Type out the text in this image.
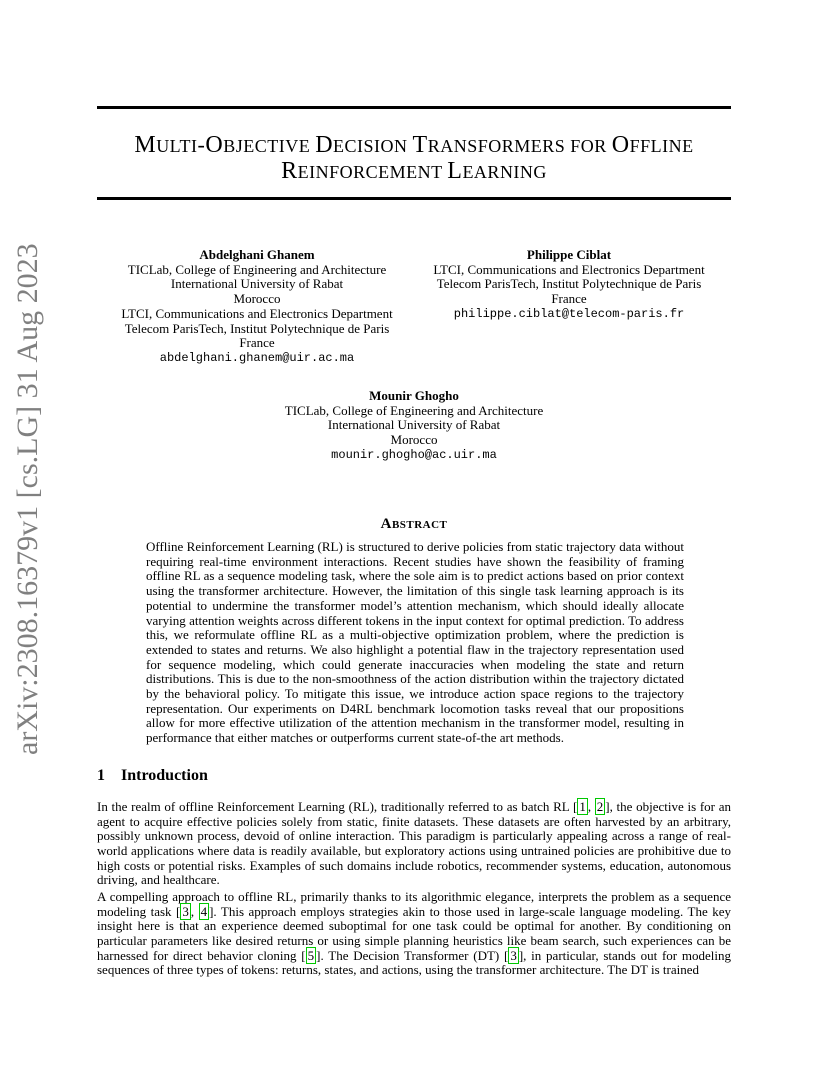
arXiv:2308.16379v1 [cs.LG] 31 Aug 2023
MULTI-OBJECTIVE DECISION TRANSFORMERS FOR OFFLINE
REINFORCEMENT LEARNING
Abdelghani Ghanem
TICLab, College of Engineering and Architecture
International University of Rabat
Morocco
LTCI, Communications and Electronics Department
Telecom ParisTech, Institut Polytechnique de Paris
France
abdelghani.ghanem@uir.ac.ma
Philippe Ciblat
LTCI, Communications and Electronics Department
Telecom ParisTech, Institut Polytechnique de Paris
France
philippe.ciblat@telecom-paris.fr
Mounir Ghogho
TICLab, College of Engineering and Architecture
International University of Rabat
Morocco
mounir.ghogho@ac.uir.ma
ABSTRACT
Offline Reinforcement Learning (RL) is structured to derive policies from static trajectory data without requiring real-time environment interactions. Recent studies have shown the feasibility of framing offline RL as a sequence modeling task, where the sole aim is to predict actions based on prior context using the transformer architecture. However, the limitation of this single task learning approach is its potential to undermine the transformer model’s attention mechanism, which should ideally allocate varying attention weights across different tokens in the input context for optimal prediction. To address this, we reformulate offline RL as a multi-objective optimization problem, where the prediction is extended to states and returns. We also highlight a potential flaw in the trajectory representation used for sequence modeling, which could generate inaccuracies when modeling the state and return distributions. This is due to the non-smoothness of the action distribution within the trajectory dictated by the behavioral policy. To mitigate this issue, we introduce action space regions to the trajectory representation. Our experiments on D4RL benchmark locomotion tasks reveal that our propositions allow for more effective utilization of the attention mechanism in the transformer model, resulting in performance that either matches or outperforms current state-of-the art methods.
1 Introduction
In the realm of offline Reinforcement Learning (RL), traditionally referred to as batch RL [ 1 , 2 ], the objective is for an agent to acquire effective policies solely from static, finite datasets. These datasets are often harvested by an arbitrary, possibly unknown process, devoid of online interaction. This paradigm is particularly appealing across a range of real-world applications where data is readily available, but exploratory actions using untrained policies are prohibitive due to high costs or potential risks. Examples of such domains include robotics, recommender systems, education, autonomous driving, and healthcare.
A compelling approach to offline RL, primarily thanks to its algorithmic elegance, interprets the problem as a sequence modeling task [ 3 , 4 ]. This approach employs strategies akin to those used in large-scale language modeling. The key insight here is that an experience deemed suboptimal for one task could be optimal for another. By conditioning on particular parameters like desired returns or using simple planning heuristics like beam search, such experiences can be harnessed for direct behavior cloning [ 5 ]. The Decision Transformer (DT) [ 3 ], in particular, stands out for modeling sequences of three types of tokens: returns, states, and actions, using the transformer architecture. The DT is trained
